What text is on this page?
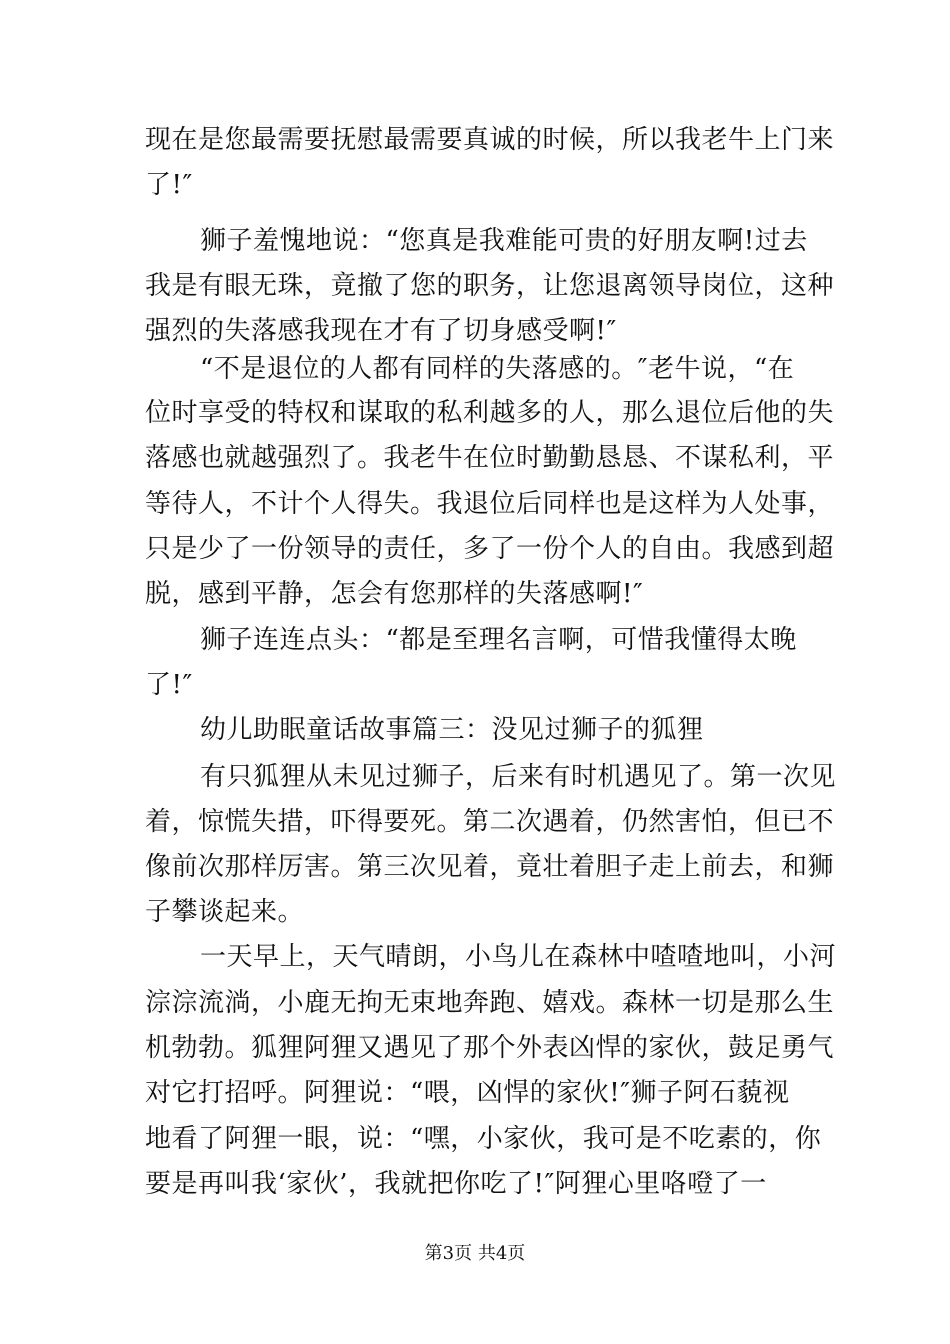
现在是您最需要抚慰最需要真诚的时候，所以我老牛上门来
了!″
狮子羞愧地说：“您真是我难能可贵的好朋友啊!过去
我是有眼无珠，竟撤了您的职务，让您退离领导岗位，这种
强烈的失落感我现在才有了切身感受啊!″
“不是退位的人都有同样的失落感的。″老牛说，“在
位时享受的特权和谋取的私利越多的人，那么退位后他的失
落感也就越强烈了。我老牛在位时勤勤恳恳、不谋私利，平
等待人，不计个人得失。我退位后同样也是这样为人处事，
只是少了一份领导的责任，多了一份个人的自由。我感到超
脱，感到平静，怎会有您那样的失落感啊!″
狮子连连点头：“都是至理名言啊，可惜我懂得太晚
了!″
幼儿助眠童话故事篇三：没见过狮子的狐狸
有只狐狸从未见过狮子，后来有时机遇见了。第一次见
着，惊慌失措，吓得要死。第二次遇着，仍然害怕，但已不
像前次那样厉害。第三次见着，竟壮着胆子走上前去，和狮
子攀谈起来。
一天早上，天气晴朗，小鸟儿在森林中喳喳地叫，小河
淙淙流淌，小鹿无拘无束地奔跑、嬉戏。森林一切是那么生
机勃勃。狐狸阿狸又遇见了那个外表凶悍的家伙，鼓足勇气
对它打招呼。阿狸说：“喂，凶悍的家伙!″狮子阿石藐视
地看了阿狸一眼，说：“嘿，小家伙，我可是不吃素的，你
要是再叫我‘家伙’，我就把你吃了!″阿狸心里咯噔了一
第3页 共4页
